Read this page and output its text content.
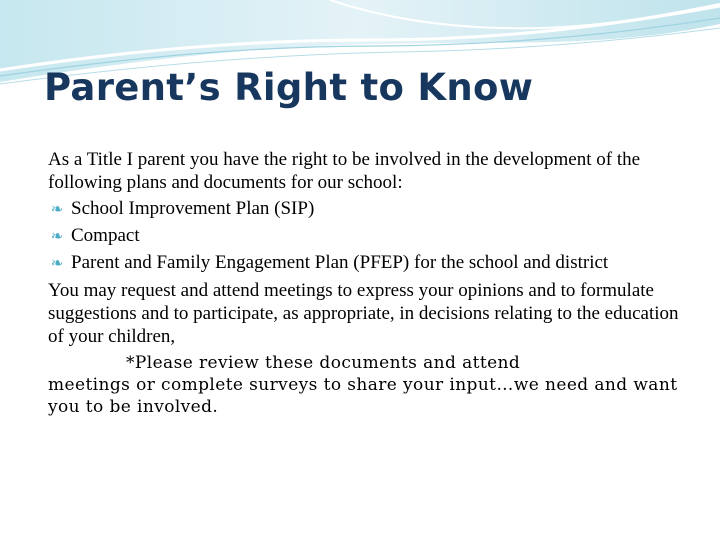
Parent’s Right to Know

As a Title I parent you have the right to be involved in the development of the following plans and documents for our school:

❧ School Improvement Plan (SIP)

❧ Compact

❧ Parent and Family Engagement Plan (PFEP) for the school and district

You may request and attend meetings to express your opinions and to formulate suggestions and to participate, as appropriate, in decisions relating to the education of your children,

*Please review these documents and attend
meetings or complete surveys to share your input…we need and want you to be involved.
